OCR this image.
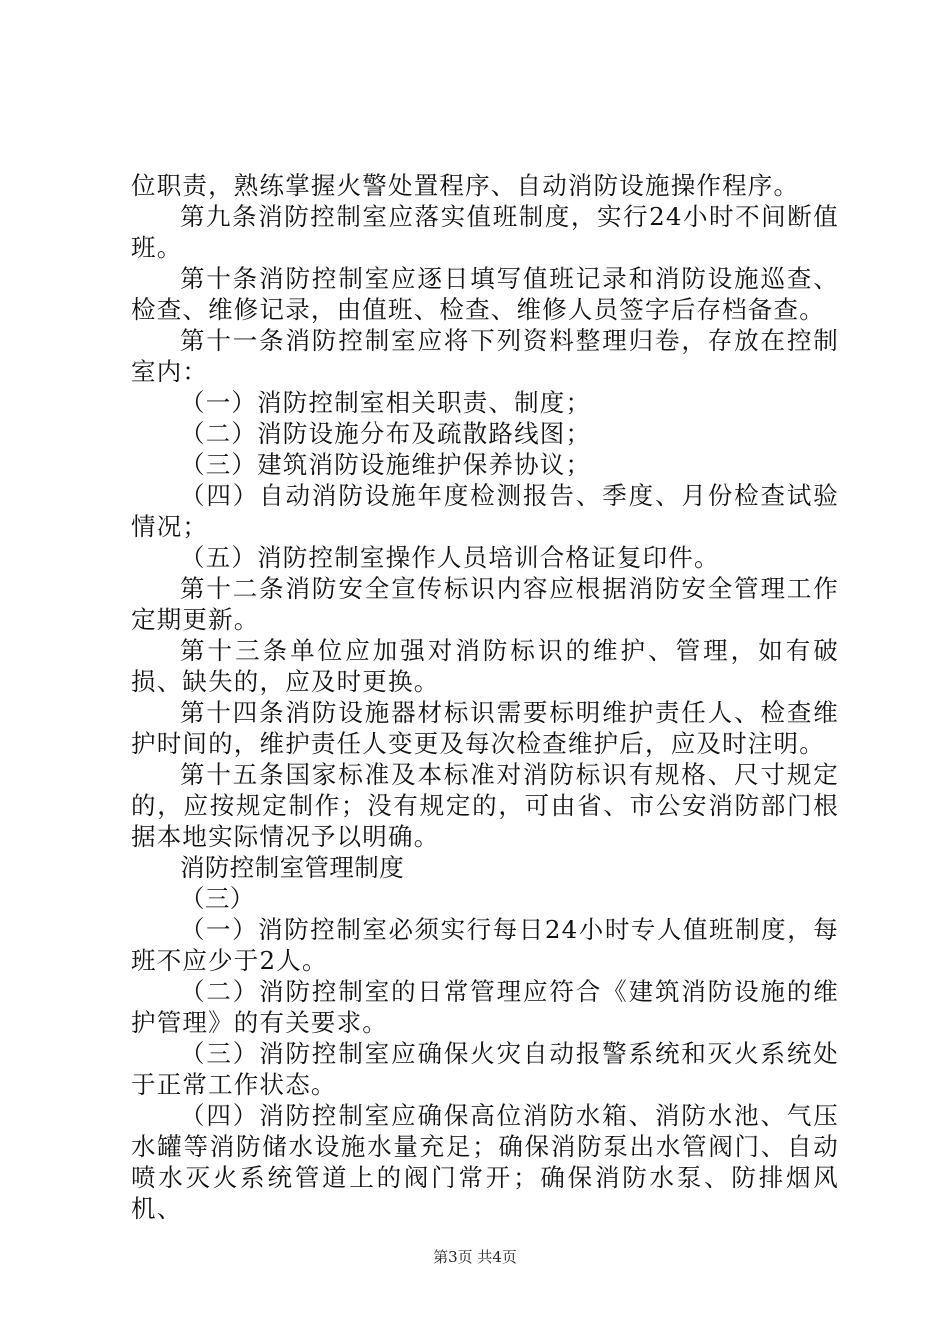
位职责，熟练掌握火警处置程序、自动消防设施操作程序。

第九条消防控制室应落实值班制度，实行24小时不间断值班。

第十条消防控制室应逐日填写值班记录和消防设施巡查、检查、维修记录，由值班、检查、维修人员签字后存档备查。

第十一条消防控制室应将下列资料整理归卷，存放在控制室内：

（一）消防控制室相关职责、制度；

（二）消防设施分布及疏散路线图；

（三）建筑消防设施维护保养协议；

（四）自动消防设施年度检测报告、季度、月份检查试验情况；

（五）消防控制室操作人员培训合格证复印件。

第十二条消防安全宣传标识内容应根据消防安全管理工作定期更新。

第十三条单位应加强对消防标识的维护、管理，如有破损、缺失的，应及时更换。

第十四条消防设施器材标识需要标明维护责任人、检查维护时间的，维护责任人变更及每次检查维护后，应及时注明。

第十五条国家标准及本标准对消防标识有规格、尺寸规定的，应按规定制作；没有规定的，可由省、市公安消防部门根据本地实际情况予以明确。

消防控制室管理制度

（三）

（一）消防控制室必须实行每日24小时专人值班制度，每班不应少于2人。

（二）消防控制室的日常管理应符合《建筑消防设施的维护管理》的有关要求。

（三）消防控制室应确保火灾自动报警系统和灭火系统处于正常工作状态。

（四）消防控制室应确保高位消防水箱、消防水池、气压水罐等消防储水设施水量充足；确保消防泵出水管阀门、自动喷水灭火系统管道上的阀门常开；确保消防水泵、防排烟风机、

第3页 共4页
